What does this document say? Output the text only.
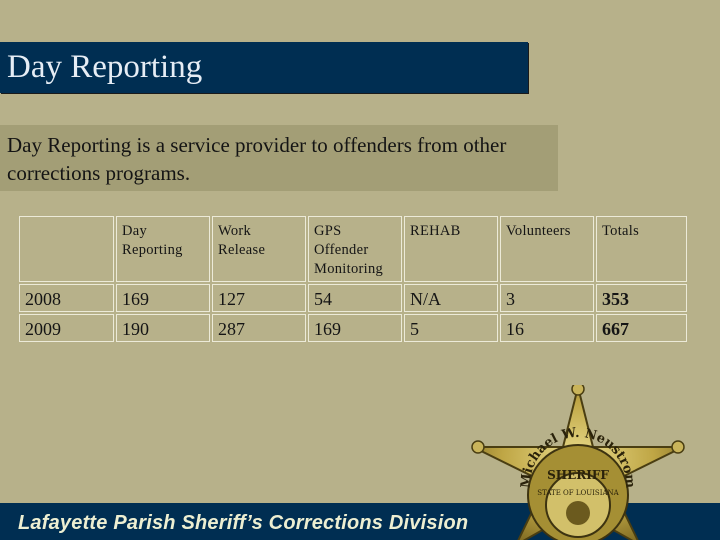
Day Reporting
Day Reporting is a service provider to offenders from other corrections programs.
	Day Reporting	Work Release	GPS Offender Monitoring	REHAB	Volunteers	Totals
2008	169	127	54	N/A	3	353
2009	190	287	169	5	16	667
Michael W. Neustrom
SHERIFF
STATE OF LOUISIANA
Lafayette Parish Sheriff’s Corrections Division
